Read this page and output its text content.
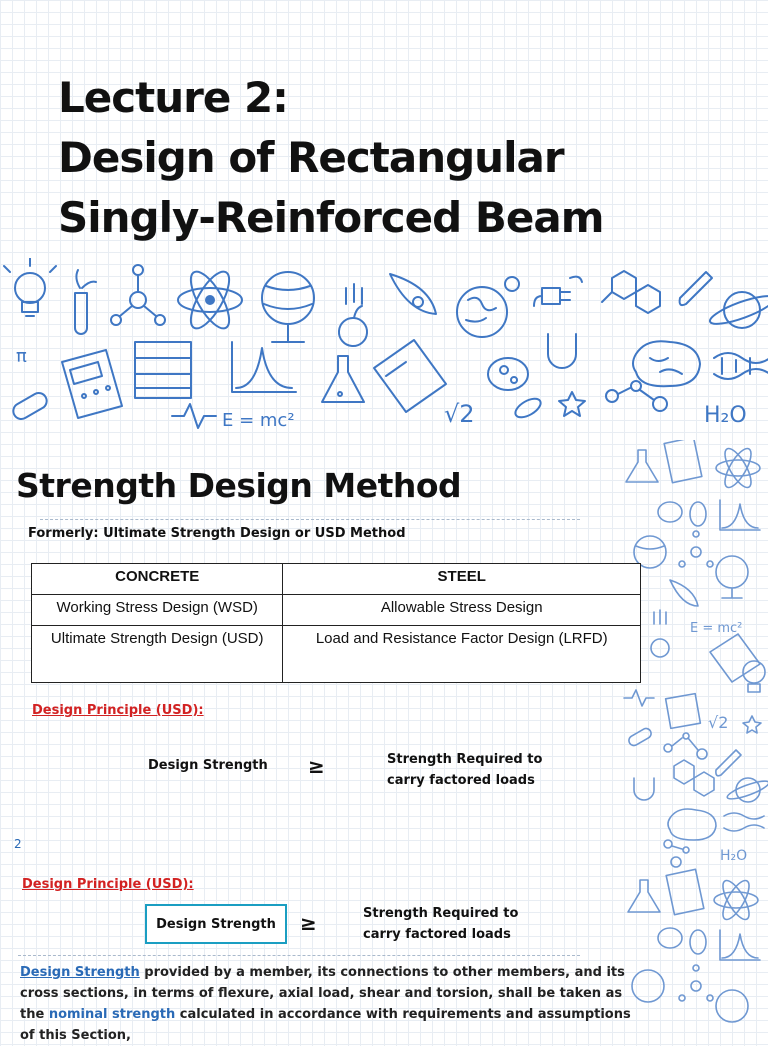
Lecture 2:
Design of Rectangular
Singly-Reinforced Beam
E = mc²
π
√2	H₂O
E = mc²
√2
H₂O
Strength Design Method
Formerly: Ultimate Strength Design or USD Method
CONCRETE	STEEL
Working Stress Design (WSD)	Allowable Stress Design
Ultimate Strength Design (USD)	Load and Resistance Factor Design (LRFD)
Design Principle (USD):
Design Strength ≥	Strength Required to
carry factored loads
2
Design Principle (USD):
Design Strength	≥	Strength Required to
carry factored loads
Design Strength provided by a member, its connections to other members, and its cross sections, in terms of flexure, axial load, shear and torsion, shall be taken as the nominal strength calculated in accordance with requirements and assumptions of this Section,
